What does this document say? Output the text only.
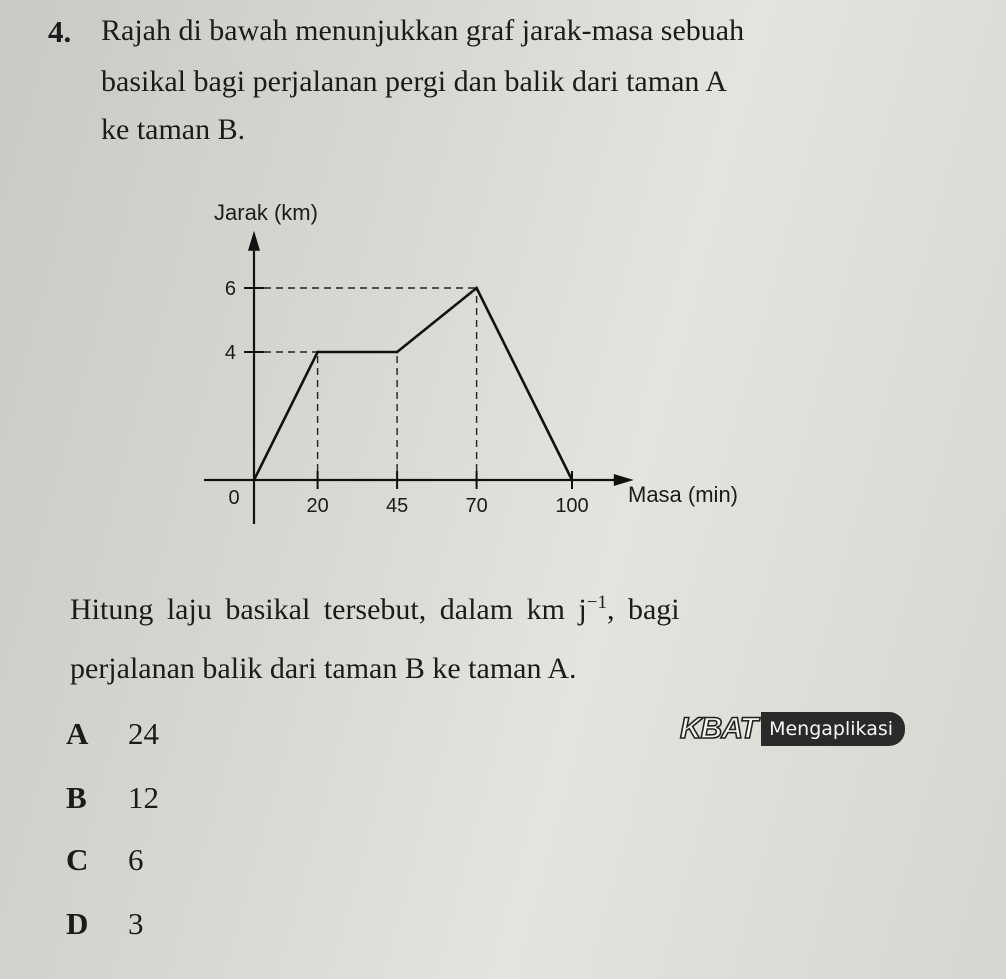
4. Rajah di bawah menunjukkan graf jarak-masa sebuah
basikal bagi perjalanan pergi dan balik dari taman A
ke taman B.
Jarak (km)
Masa (min)
0
4
6
20	45	70	100
Hitung laju basikal tersebut, dalam km $j^{-1}$, bagi
perjalanan balik dari taman B ke taman A.
A 24
B 12
C 6
D 3
KBAT Mengaplikasi
